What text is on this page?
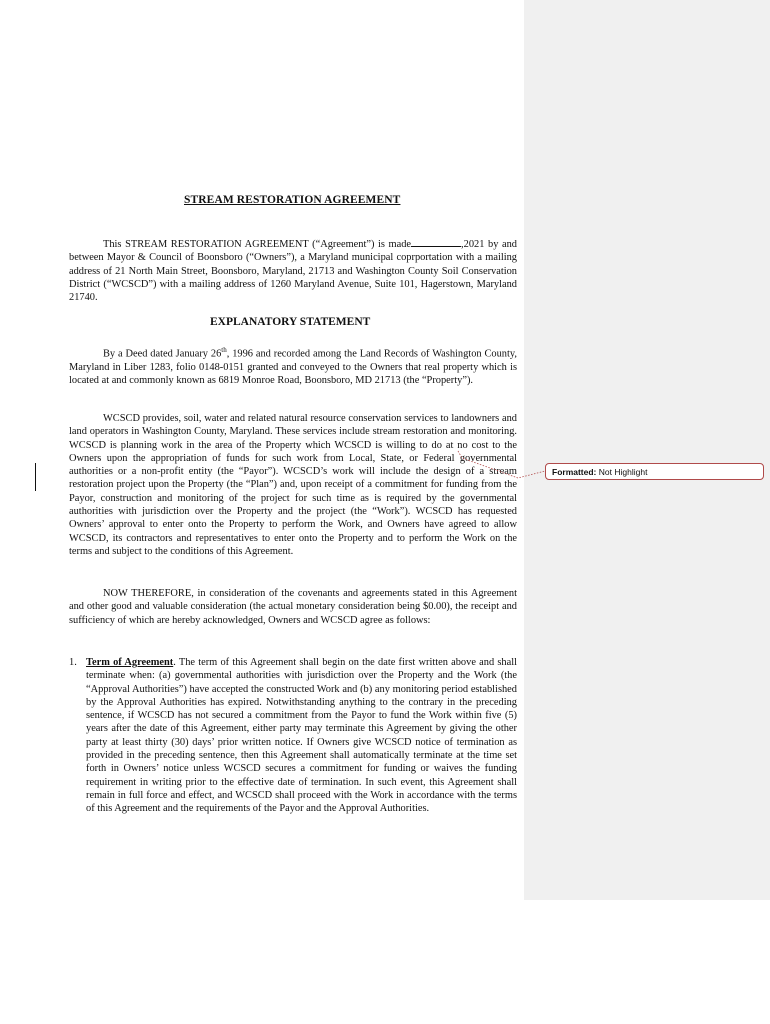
STREAM RESTORATION AGREEMENT
This STREAM RESTORATION AGREEMENT (“Agreement”) is made	,2021 by and between Mayor & Council of Boonsboro (“Owners”), a Maryland municipal coprportation with a mailing address of 21 North Main Street, Boonsboro, Maryland, 21713 and Washington County Soil Conservation District (“WCSCD”) with a mailing address of 1260 Maryland Avenue, Suite 101, Hagerstown, Maryland 21740.
EXPLANATORY STATEMENT
By a Deed dated January 26th, 1996 and recorded among the Land Records of Washington County, Maryland in Liber 1283, folio 0148-0151 granted and conveyed to the Owners that real property which is located at and commonly known as 6819 Monroe Road, Boonsboro, MD 21713 (the “Property”).
WCSCD provides, soil, water and related natural resource conservation services to landowners and land operators in Washington County, Maryland. These services include stream restoration and monitoring. WCSCD is planning work in the area of the Property which WCSCD is willing to do at no cost to the Owners upon the appropriation of funds for such work from Local, State, or Federal governmental authorities or a non-profit entity (the “Payor”). WCSCD’s work will include the design of a stream restoration project upon the Property (the “Plan”) and, upon receipt of a commitment for funding from the Payor, construction and monitoring of the project for such time as is required by the governmental authorities with jurisdiction over the Property and the project (the “Work”). WCSCD has requested Owners’ approval to enter onto the Property to perform the Work, and Owners have agreed to allow WCSCD, its contractors and representatives to enter onto the Property and to perform the Work on the terms and subject to the conditions of this Agreement.
NOW THEREFORE, in consideration of the covenants and agreements stated in this Agreement and other good and valuable consideration (the actual monetary consideration being $0.00), the receipt and sufficiency of which are hereby acknowledged, Owners and WCSCD agree as follows:
1. Term of Agreement. The term of this Agreement shall begin on the date first written above and shall terminate when: (a) governmental authorities with jurisdiction over the Property and the Work (the “Approval Authorities”) have accepted the constructed Work and (b) any monitoring period established by the Approval Authorities has expired. Notwithstanding anything to the contrary in the preceding sentence, if WCSCD has not secured a commitment from the Payor to fund the Work within five (5) years after the date of this Agreement, either party may terminate this Agreement by giving the other party at least thirty (30) days’ prior written notice. If Owners give WCSCD notice of termination as provided in the preceding sentence, then this Agreement shall automatically terminate at the time set forth in Owners’ notice unless WCSCD secures a commitment for funding or waives the funding requirement in writing prior to the effective date of termination. In such event, this Agreement shall remain in full force and effect, and WCSCD shall proceed with the Work in accordance with the terms of this Agreement and the requirements of the Payor and the Approval Authorities.
Formatted: Not Highlight
